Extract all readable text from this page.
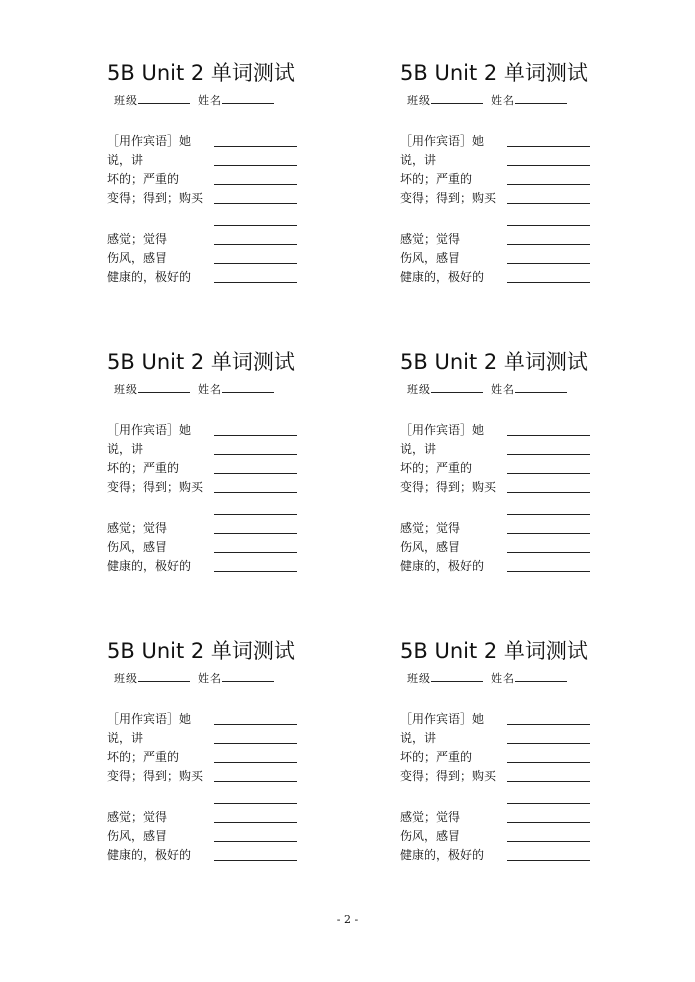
5B Unit 2 单词测试
班级	姓名
［用作宾语］她
说，讲
坏的；严重的
变得；得到；购买
感觉；觉得
伤风，感冒
健康的，极好的
5B Unit 2 单词测试
班级	姓名
［用作宾语］她
说，讲
坏的；严重的
变得；得到；购买
感觉；觉得
伤风，感冒
健康的，极好的
5B Unit 2 单词测试
班级	姓名
［用作宾语］她
说，讲
坏的；严重的
变得；得到；购买
感觉；觉得
伤风，感冒
健康的，极好的
5B Unit 2 单词测试
班级	姓名
［用作宾语］她
说，讲
坏的；严重的
变得；得到；购买
感觉；觉得
伤风，感冒
健康的，极好的
5B Unit 2 单词测试
班级	姓名
［用作宾语］她
说，讲
坏的；严重的
变得；得到；购买
感觉；觉得
伤风，感冒
健康的，极好的
5B Unit 2 单词测试
班级	姓名
［用作宾语］她
说，讲
坏的；严重的
变得；得到；购买
感觉；觉得
伤风，感冒
健康的，极好的
- 2 -
